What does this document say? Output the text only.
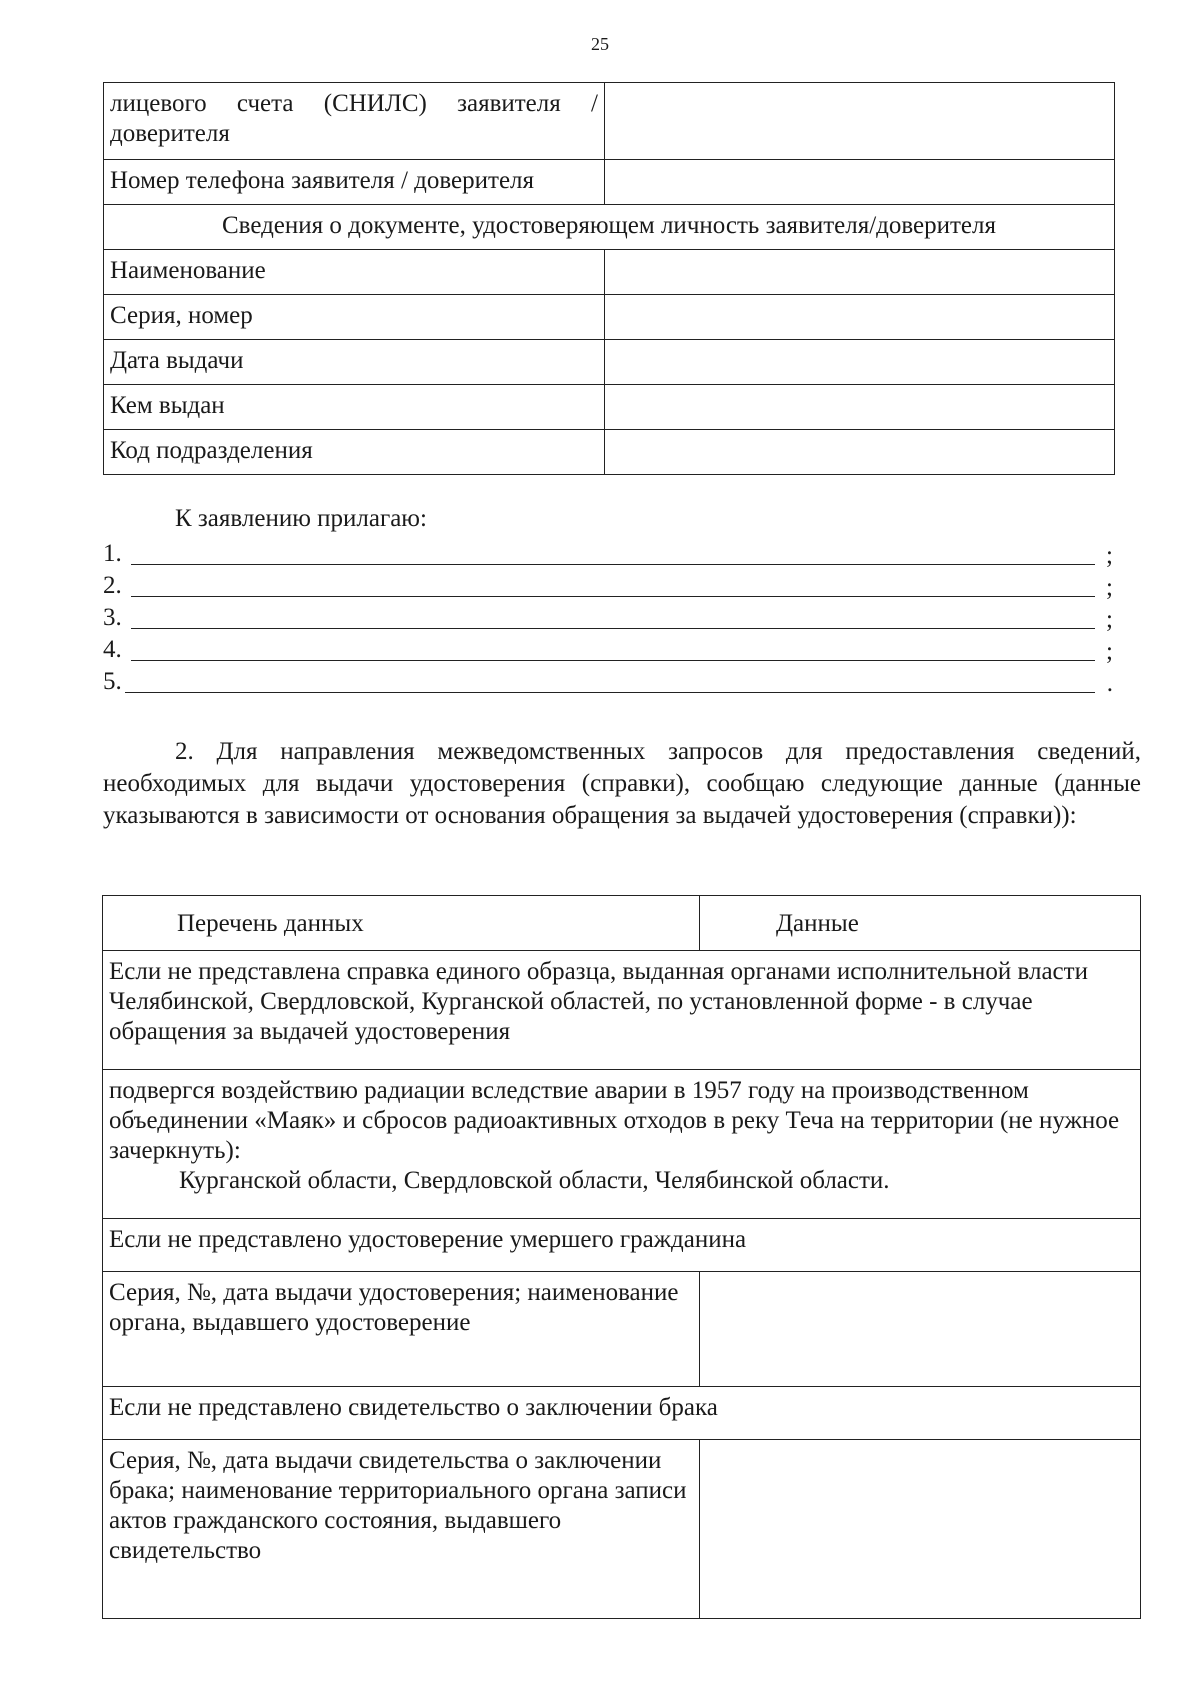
25
лицевого счета (СНИЛС) заявителя / доверителя	
Номер телефона заявителя / доверителя	
Сведения о документе, удостоверяющем личность заявителя/доверителя	
Наименование	
Серия, номер	
Дата выдачи	
Кем выдан	
Код подразделения	
К заявлению прилагаю:
1.	;
2.	;
3.	;
4.	;
5.	.
2. Для направления межведомственных запросов для предоставления сведений, необходимых для выдачи удостоверения (справки), сообщаю следующие данные (данные указываются в зависимости от основания обращения за выдачей удостоверения (справки)):
Перечень данных	Данные
Если не представлена справка единого образца, выданная органами исполнительной власти Челябинской, Свердловской, Курганской областей, по установленной форме - в случае обращения за выдачей удостоверения	
подвергся воздействию радиации вследствие аварии в 1957 году на производственном объединении «Маяк» и сбросов радиоактивных отходов в реку Теча на территории (не нужное зачеркнуть):
Курганской области, Свердловской области, Челябинской области.	

Если не представлено удостоверение умершего гражданина	
Серия, №, дата выдачи удостоверения; наименование органа, выдавшего удостоверение	
Если не представлено свидетельство о заключении брака	
Серия, №, дата выдачи свидетельства о заключении брака; наименование территориального органа записи актов гражданского состояния, выдавшего свидетельство	
